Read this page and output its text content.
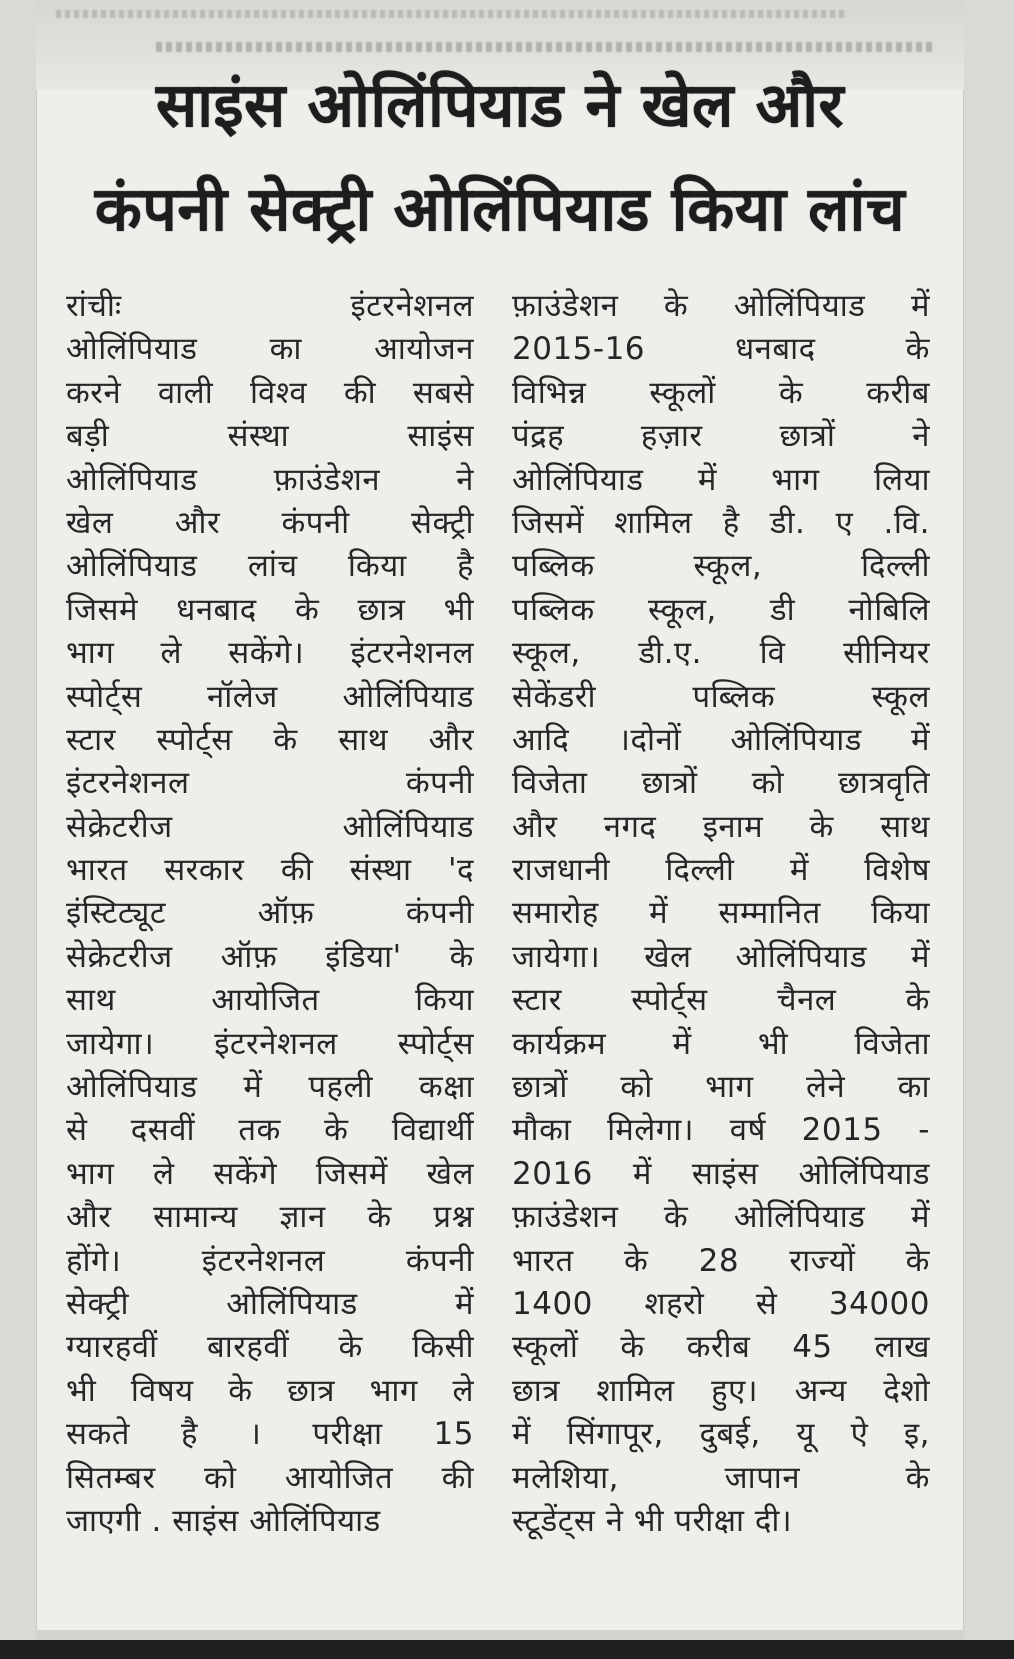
साइंस ओलिंपियाड ने खेल और
कंपनी सेक्ट्री ओलिंपियाड किया लांच
रांचीः इंटरनेशनल
ओलिंपियाड का आयोजन
करने वाली विश्व की सबसे
बड़ी संस्था साइंस
ओलिंपियाड फ़ाउंडेशन ने
खेल और कंपनी सेक्ट्री
ओलिंपियाड लांच किया है
जिसमे धनबाद के छात्र भी
भाग ले सकेंगे। इंटरनेशनल
स्पोर्ट्स नॉलेज ओलिंपियाड
स्टार स्पोर्ट्स के साथ और
इंटरनेशनल कंपनी
सेक्रेटरीज ओलिंपियाड
भारत सरकार की संस्था 'द
इंस्टिट्यूट ऑफ़ कंपनी
सेक्रेटरीज ऑफ़ इंडिया' के
साथ आयोजित किया
जायेगा। इंटरनेशनल स्पोर्ट्स
ओलिंपियाड में पहली कक्षा
से दसवीं तक के विद्यार्थी
भाग ले सकेंगे जिसमें खेल
और सामान्य ज्ञान के प्रश्न
होंगे। इंटरनेशनल कंपनी
सेक्ट्री ओलिंपियाड में
ग्यारहवीं बारहवीं के किसी
भी विषय के छात्र भाग ले
सकते है । परीक्षा 15
सितम्बर को आयोजित की
जाएगी . साइंस ओलिंपियाड
फ़ाउंडेशन के ओलिंपियाड में
2015-16 धनबाद के
विभिन्न स्कूलों के करीब
पंद्रह हज़ार छात्रों ने
ओलिंपियाड में भाग लिया
जिसमें शामिल है डी. ए .वि.
पब्लिक स्कूल, दिल्ली
पब्लिक स्कूल, डी नोबिलि
स्कूल, डी.ए. वि सीनियर
सेकेंडरी पब्लिक स्कूल
आदि ।दोनों ओलिंपियाड में
विजेता छात्रों को छात्रवृति
और नगद इनाम के साथ
राजधानी दिल्ली में विशेष
समारोह में सम्मानित किया
जायेगा। खेल ओलिंपियाड में
स्टार स्पोर्ट्स चैनल के
कार्यक्रम में भी विजेता
छात्रों को भाग लेने का
मौका मिलेगा। वर्ष 2015 -
2016 में साइंस ओलिंपियाड
फ़ाउंडेशन के ओलिंपियाड में
भारत के 28 राज्यों के
1400 शहरो से 34000
स्कूलों के करीब 45 लाख
छात्र शामिल हुए। अन्य देशो
में सिंगापूर, दुबई, यू ऐ इ,
मलेशिया, जापान के
स्टूडेंट्स ने भी परीक्षा दी।
